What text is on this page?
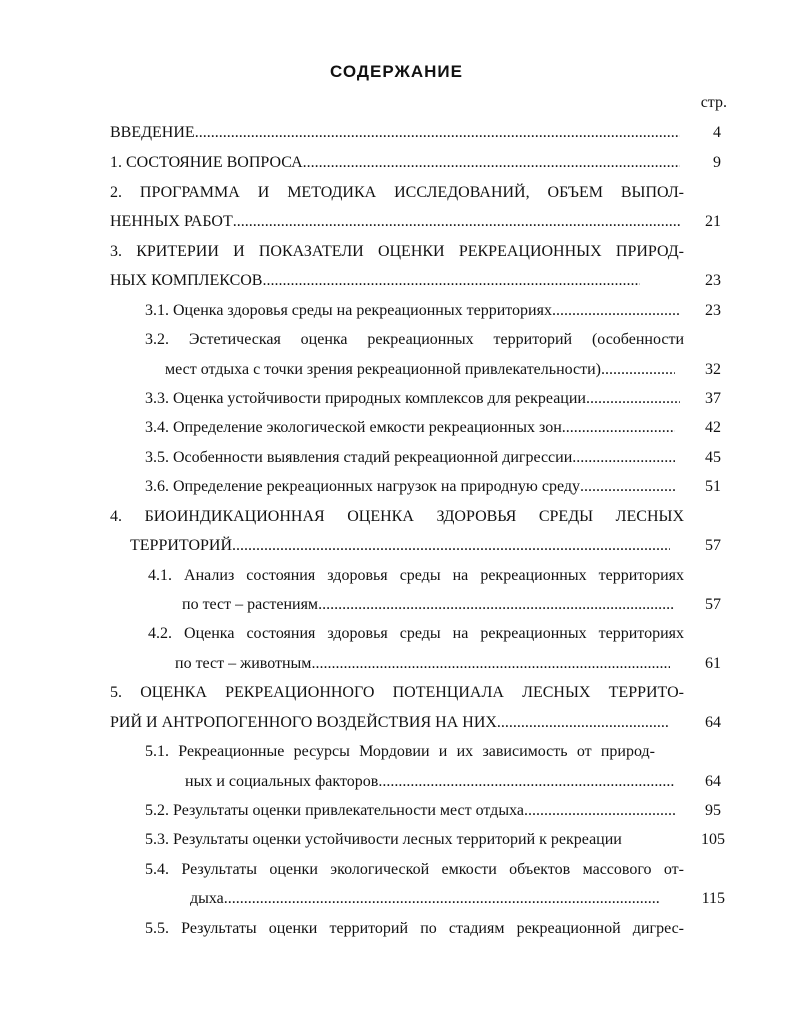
СОДЕРЖАНИЕ
стр.
ВВЕДЕНИЕ . . .	4
1. СОСТОЯНИЕ ВОПРОСА . . .	9
2. ПРОГРАММА И МЕТОДИКА ИССЛЕДОВАНИЙ, ОБЪЕМ ВЫПОЛ-
НЕННЫХ РАБОТ . . .	21
3. КРИТЕРИИ И ПОКАЗАТЕЛИ ОЦЕНКИ РЕКРЕАЦИОННЫХ ПРИРОД-
НЫХ КОМПЛЕКСОВ . . .	23
3.1. Оценка здоровья среды на рекреационных территориях . . .	23
3.2. Эстетическая оценка рекреационных территорий (особенности
мест отдыха с точки зрения рекреационной привлекательности) . . .	32
3.3. Оценка устойчивости природных комплексов для рекреации . . .	37
3.4. Определение экологической емкости рекреационных зон . . .	42
3.5. Особенности выявления стадий рекреационной дигрессии . . .	45
3.6. Определение рекреационных нагрузок на природную среду . . .	51
4. БИОИНДИКАЦИОННАЯ ОЦЕНКА ЗДОРОВЬЯ СРЕДЫ ЛЕСНЫХ
ТЕРРИТОРИЙ . . .	57
4.1. Анализ состояния здоровья среды на рекреационных территориях
по тест – растениям . . .	57
4.2. Оценка состояния здоровья среды на рекреационных территориях
по тест – животным . . .	61
5. ОЦЕНКА РЕКРЕАЦИОННОГО ПОТЕНЦИАЛА ЛЕСНЫХ ТЕРРИТО-
РИЙ И АНТРОПОГЕННОГО ВОЗДЕЙСТВИЯ НА НИХ . . .	64
5.1. Рекреационные ресурсы Мордовии и их зависимость от природ-
ных и социальных факторов . . .	64
5.2. Результаты оценки привлекательности мест отдыха . . .	95
5.3. Результаты оценки устойчивости лесных территорий к рекреации	105
5.4. Результаты оценки экологической емкости объектов массового от-
дыха . . .	115
5.5. Результаты оценки территорий по стадиям рекреационной дигрес-
